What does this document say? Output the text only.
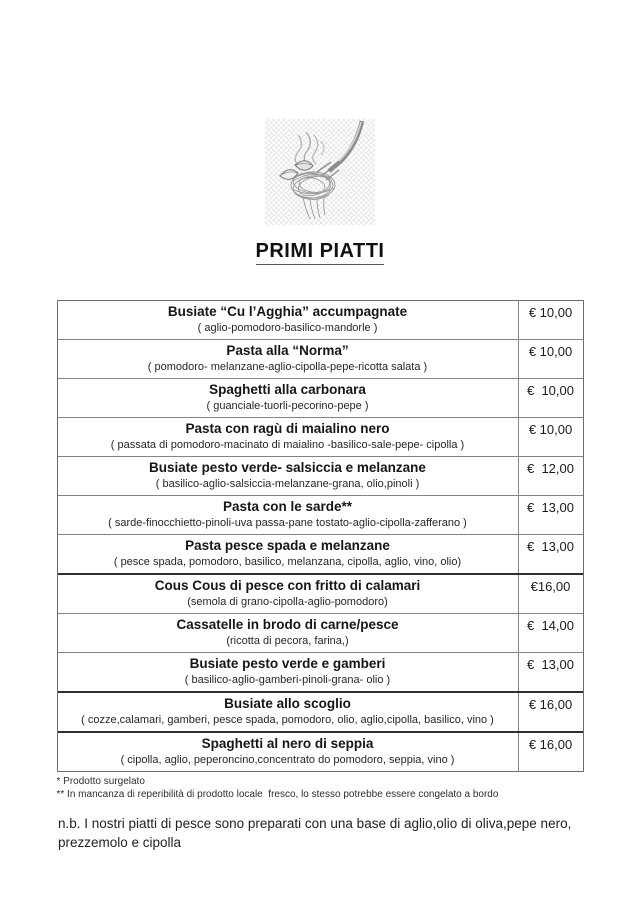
PRIMI PIATTI
Busiate “Cu l’Agghia” accumpagnate
( aglio-pomodoro-basilico-mandorle )
€ 10,00
Pasta alla “Norma”
( pomodoro- melanzane-aglio-cipolla-pepe-ricotta salata )
€ 10,00
Spaghetti alla carbonara
( guanciale-tuorli-pecorino-pepe )
€  10,00
Pasta con ragù di maialino nero
( passata di pomodoro-macinato di maialino -basilico-sale-pepe- cipolla )
€ 10,00
Busiate pesto verde- salsiccia e melanzane
( basilico-aglio-salsiccia-melanzane-grana, olio,pinoli )
€  12,00
Pasta con le sarde**
( sarde-finocchietto-pinoli-uva passa-pane tostato-aglio-cipolla-zafferano )
€  13,00
Pasta pesce spada e melanzane
( pesce spada, pomodoro, basilico, melanzana, cipolla, aglio, vino, olio)
€  13,00
Cous Cous di pesce con fritto di calamari
(semola di grano-cipolla-aglio-pomodoro)
€16,00
Cassatelle in brodo di carne/pesce
(ricotta di pecora, farina,)
€  14,00
Busiate pesto verde e gamberi
( basilico-aglio-gamberi-pinoli-grana- olio )
€  13,00
Busiate allo scoglio
( cozze,calamari, gamberi, pesce spada, pomodoro, olio, aglio,cipolla, basilico, vino )
€ 16,00
Spaghetti al nero di seppia
( cipolla, aglio, peperoncino,concentrato do pomodoro, seppia, vino )
€ 16,00
* Prodotto surgelato
** In mancanza di reperibilità di prodotto locale  fresco, lo stesso potrebbe essere congelato a bordo
n.b. I nostri piatti di pesce sono preparati con una base di aglio,olio di oliva,pepe nero, prezzemolo e cipolla
